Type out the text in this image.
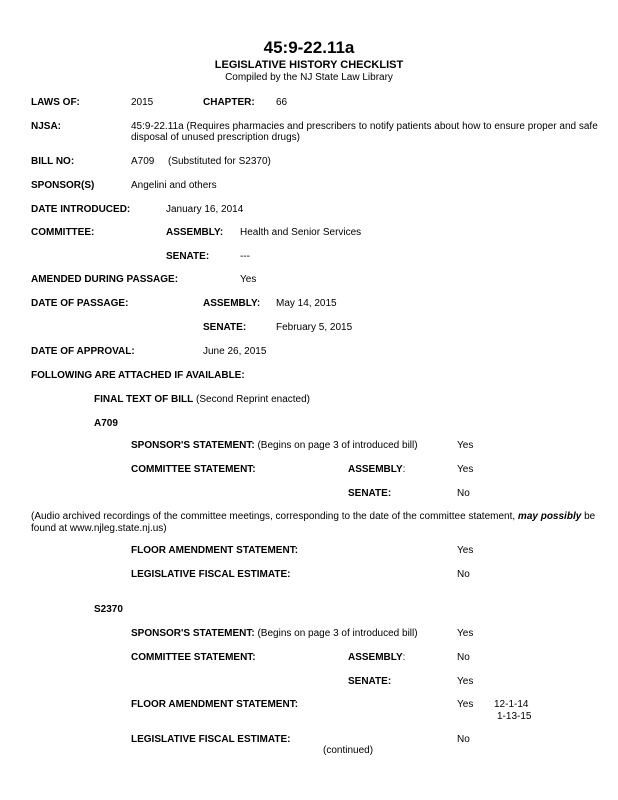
45:9-22.11a
LEGISLATIVE HISTORY CHECKLIST
Compiled by the NJ State Law Library
LAWS OF:	2015	CHAPTER: 66
NJSA:	45:9-22.11a (Requires pharmacies and prescribers to notify patients about how to ensure proper and safe
disposal of unused prescription drugs)
BILL NO:	A709 (Substituted for S2370)
SPONSOR(S)	Angelini and others
DATE INTRODUCED:	January 16, 2014
COMMITTEE:	ASSEMBLY: Health and Senior Services
SENATE:	---
AMENDED DURING PASSAGE:	Yes
DATE OF PASSAGE:	ASSEMBLY: May 14, 2015
SENATE:	February 5, 2015
DATE OF APPROVAL:	June 26, 2015
FOLLOWING ARE ATTACHED IF AVAILABLE:
FINAL TEXT OF BILL (Second Reprint enacted)
A709
SPONSOR'S STATEMENT: (Begins on page 3 of introduced bill)	Yes
COMMITTEE STATEMENT:	ASSEMBLY:	Yes
SENATE:	No
(Audio archived recordings of the committee meetings, corresponding to the date of the committee statement, may possibly be found at www.njleg.state.nj.us)
FLOOR AMENDMENT STATEMENT:	Yes
LEGISLATIVE FISCAL ESTIMATE:	No
S2370
SPONSOR'S STATEMENT: (Begins on page 3 of introduced bill)	Yes
COMMITTEE STATEMENT:	ASSEMBLY:	No
SENATE:	Yes
FLOOR AMENDMENT STATEMENT:	Yes 12-1-14
1-13-15
LEGISLATIVE FISCAL ESTIMATE:	No
(continued)
